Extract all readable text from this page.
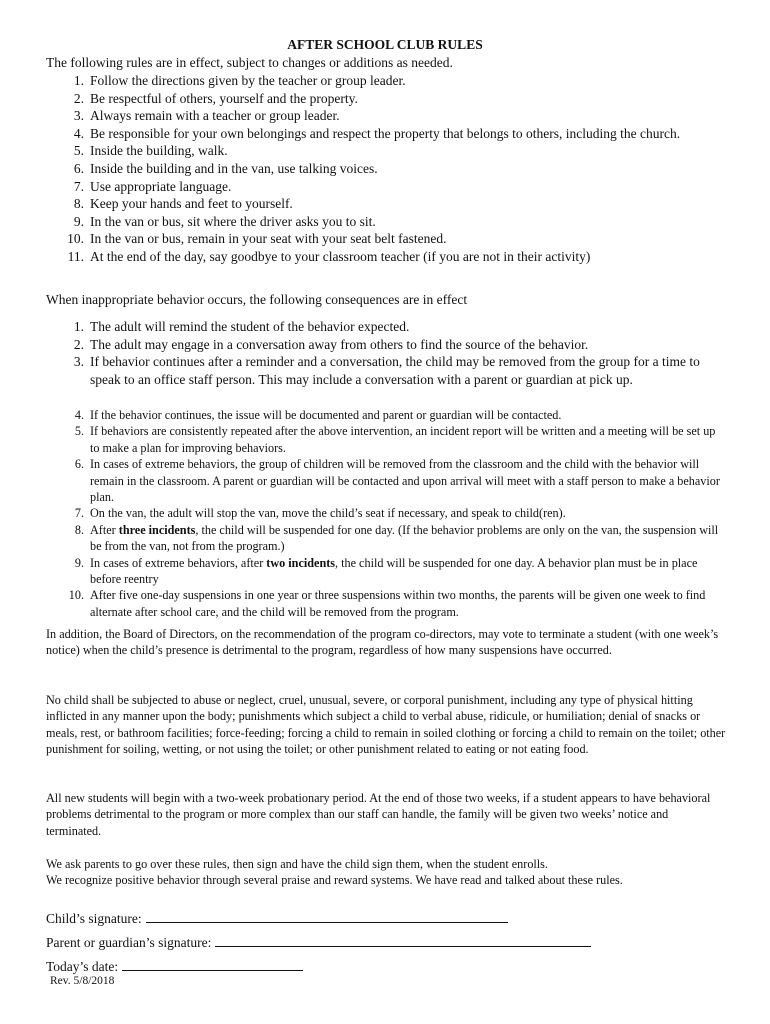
AFTER SCHOOL CLUB RULES
The following rules are in effect, subject to changes or additions as needed.
1. Follow the directions given by the teacher or group leader.
2. Be respectful of others, yourself and the property.
3. Always remain with a teacher or group leader.
4. Be responsible for your own belongings and respect the property that belongs to others, including the church.
5. Inside the building, walk.
6. Inside the building and in the van, use talking voices.
7. Use appropriate language.
8. Keep your hands and feet to yourself.
9. In the van or bus, sit where the driver asks you to sit.
10. In the van or bus, remain in your seat with your seat belt fastened.
11. At the end of the day, say goodbye to your classroom teacher (if you are not in their activity)
When inappropriate behavior occurs, the following consequences are in effect
1. The adult will remind the student of the behavior expected.
2. The adult may engage in a conversation away from others to find the source of the behavior.
3. If behavior continues after a reminder and a conversation, the child may be removed from the group for a time to speak to an office staff person. This may include a conversation with a parent or guardian at pick up.
4. If the behavior continues, the issue will be documented and parent or guardian will be contacted.
5. If behaviors are consistently repeated after the above intervention, an incident report will be written and a meeting will be set up to make a plan for improving behaviors.
6. In cases of extreme behaviors, the group of children will be removed from the classroom and the child with the behavior will remain in the classroom. A parent or guardian will be contacted and upon arrival will meet with a staff person to make a behavior plan.
7. On the van, the adult will stop the van, move the child’s seat if necessary, and speak to child(ren).
8. After three incidents, the child will be suspended for one day. (If the behavior problems are only on the van, the suspension will be from the van, not from the program.)
9. In cases of extreme behaviors, after two incidents, the child will be suspended for one day. A behavior plan must be in place before reentry
10. After five one-day suspensions in one year or three suspensions within two months, the parents will be given one week to find alternate after school care, and the child will be removed from the program.
In addition, the Board of Directors, on the recommendation of the program co-directors, may vote to terminate a student (with one week’s notice) when the child’s presence is detrimental to the program, regardless of how many suspensions have occurred.
No child shall be subjected to abuse or neglect, cruel, unusual, severe, or corporal punishment, including any type of physical hitting inflicted in any manner upon the body; punishments which subject a child to verbal abuse, ridicule, or humiliation; denial of snacks or meals, rest, or bathroom facilities; force-feeding; forcing a child to remain in soiled clothing or forcing a child to remain on the toilet; other punishment for soiling, wetting, or not using the toilet; or other punishment related to eating or not eating food.
All new students will begin with a two-week probationary period. At the end of those two weeks, if a student appears to have behavioral problems detrimental to the program or more complex than our staff can handle, the family will be given two weeks’ notice and terminated.
We ask parents to go over these rules, then sign and have the child sign them, when the student enrolls.
We recognize positive behavior through several praise and reward systems. We have read and talked about these rules.
Child’s signature:
Parent or guardian’s signature:
Today’s date:
Rev. 5/8/2018
